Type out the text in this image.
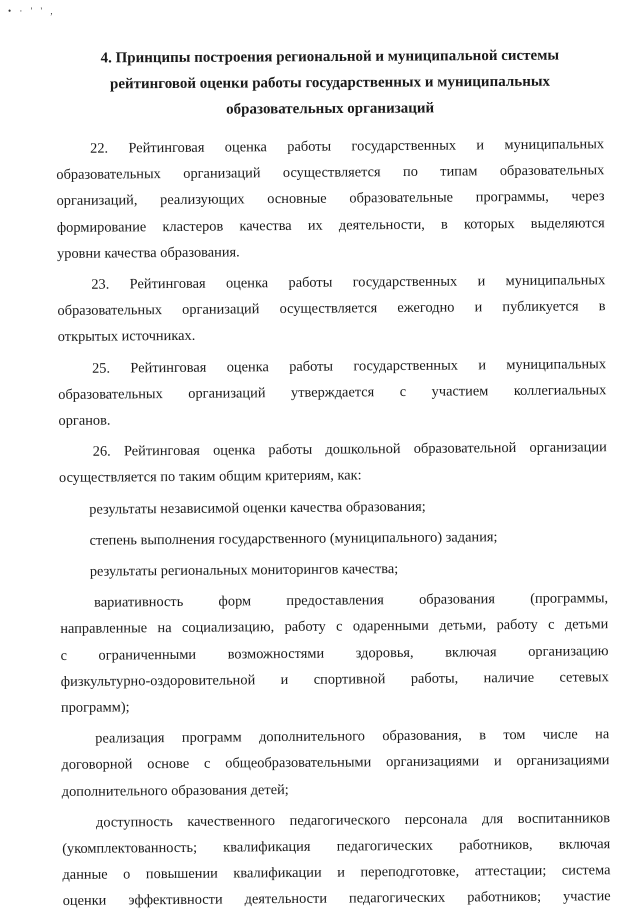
• · ' ' ,
4. Принципы построения региональной и муниципальной системы
рейтинговой оценки работы государственных и муниципальных
образовательных организаций
22. Рейтинговая оценка работы государственных и муниципальных
образовательных организаций осуществляется по типам образовательных
организаций, реализующих основные образовательные программы, через
формирование кластеров качества их деятельности, в которых выделяются
уровни качества образования.
23. Рейтинговая оценка работы государственных и муниципальных
образовательных организаций осуществляется ежегодно и публикуется в
открытых источниках.
25. Рейтинговая оценка работы государственных и муниципальных
образовательных организаций утверждается с участием коллегиальных
органов.
26. Рейтинговая оценка работы дошкольной образовательной организации
осуществляется по таким общим критериям, как:
результаты независимой оценки качества образования;
степень выполнения государственного (муниципального) задания;
результаты региональных мониторингов качества;
вариативность форм предоставления образования (программы,
направленные на социализацию, работу с одаренными детьми, работу с детьми
с ограниченными возможностями здоровья, включая организацию
физкультурно-оздоровительной и спортивной работы, наличие сетевых
программ);
реализация программ дополнительного образования, в том числе на
договорной основе с общеобразовательными организациями и организациями
дополнительного образования детей;
доступность качественного педагогического персонала для воспитанников
(укомплектованность; квалификация педагогических работников, включая
данные о повышении квалификации и переподготовке, аттестации; система
оценки эффективности деятельности педагогических работников; участие
